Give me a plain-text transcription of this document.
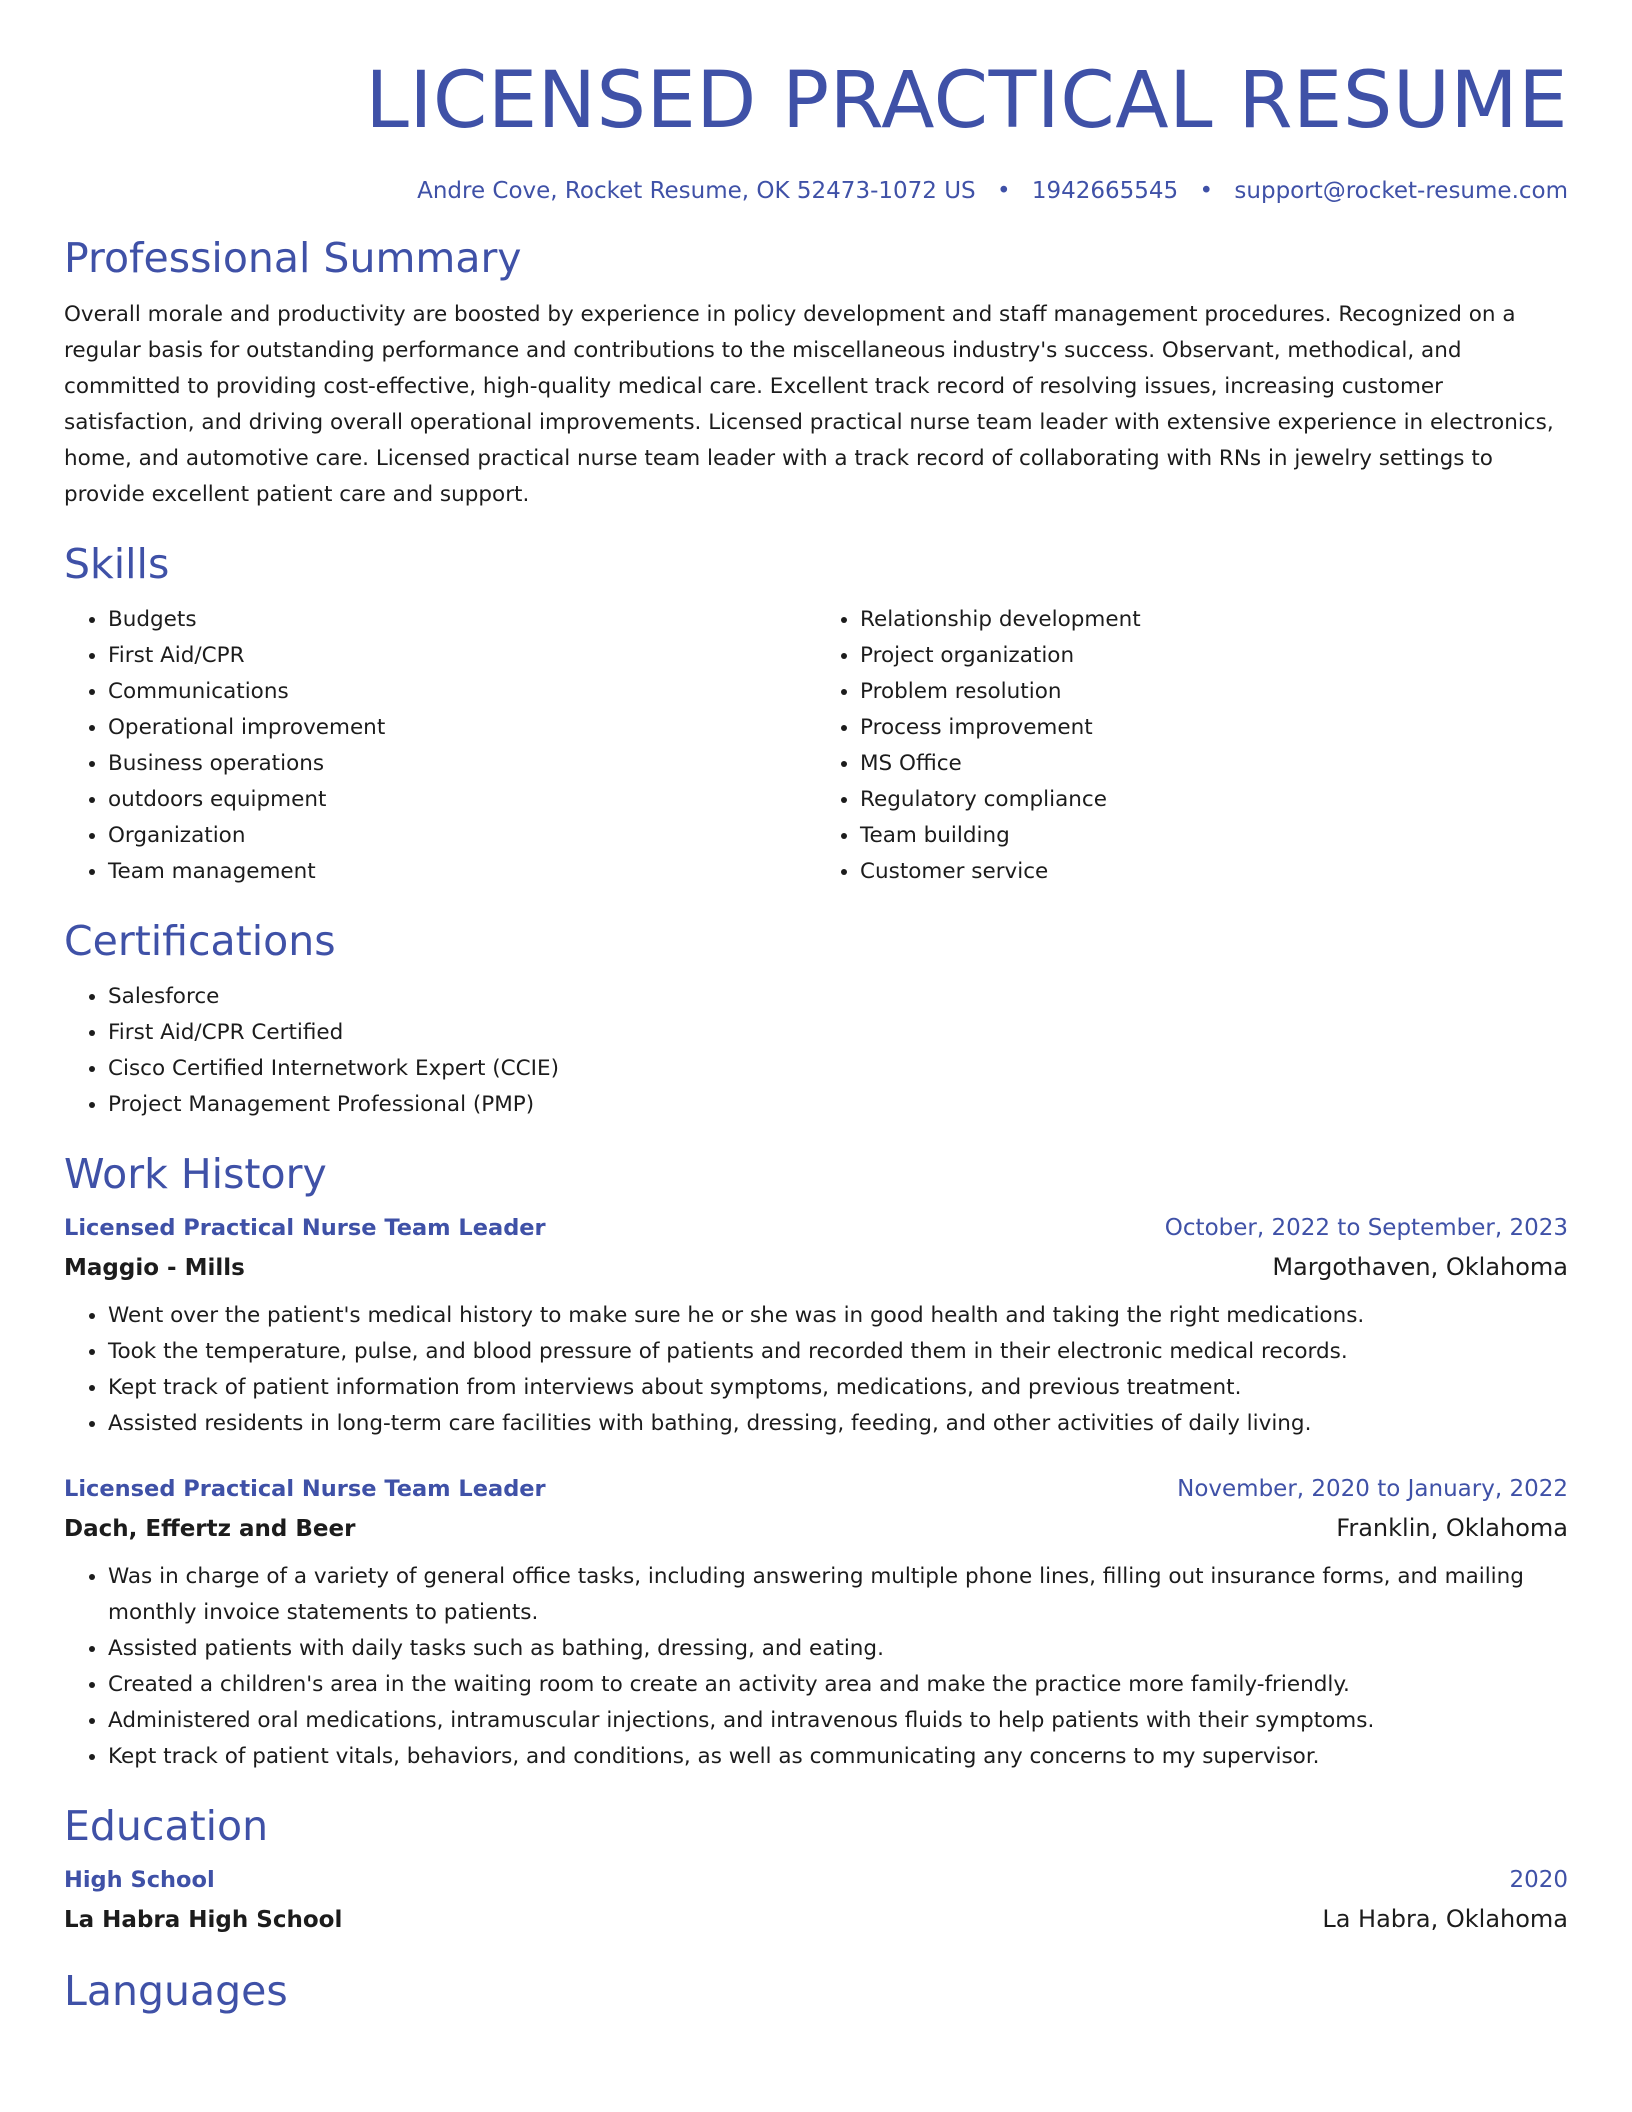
LICENSED PRACTICAL RESUME
Andre Cove, Rocket Resume, OK 52473-1072 US • 1942665545 • support@rocket-resume.com
Professional Summary

Overall morale and productivity are boosted by experience in policy development and staff management procedures. Recognized on a regular basis for outstanding performance and contributions to the miscellaneous industry's success. Observant, methodical, and committed to providing cost-effective, high-quality medical care. Excellent track record of resolving issues, increasing customer satisfaction, and driving overall operational improvements. Licensed practical nurse team leader with extensive experience in electronics, home, and automotive care. Licensed practical nurse team leader with a track record of collaborating with RNs in jewelry settings to provide excellent patient care and support.

Skills
• Budgets
• First Aid/CPR
• Communications
• Operational improvement
• Business operations
• outdoors equipment
• Organization
• Team management
• Relationship development
• Project organization
• Problem resolution
• Process improvement
• MS Office
• Regulatory compliance
• Team building
• Customer service
Certifications
• Salesforce
• First Aid/CPR Certified
• Cisco Certified Internetwork Expert (CCIE)
• Project Management Professional (PMP)
Work History
Licensed Practical Nurse Team Leader	October, 2022 to September, 2023
Maggio - Mills	Margothaven, Oklahoma
• Went over the patient's medical history to make sure he or she was in good health and taking the right medications.
• Took the temperature, pulse, and blood pressure of patients and recorded them in their electronic medical records.
• Kept track of patient information from interviews about symptoms, medications, and previous treatment.
• Assisted residents in long-term care facilities with bathing, dressing, feeding, and other activities of daily living.
Licensed Practical Nurse Team Leader	November, 2020 to January, 2022
Dach, Effertz and Beer	Franklin, Oklahoma
• Was in charge of a variety of general office tasks, including answering multiple phone lines, filling out insurance forms, and mailing monthly invoice statements to patients.
• Assisted patients with daily tasks such as bathing, dressing, and eating.
• Created a children's area in the waiting room to create an activity area and make the practice more family-friendly.
• Administered oral medications, intramuscular injections, and intravenous fluids to help patients with their symptoms.
• Kept track of patient vitals, behaviors, and conditions, as well as communicating any concerns to my supervisor.
Education
High School	2020
La Habra High School	La Habra, Oklahoma
Languages
